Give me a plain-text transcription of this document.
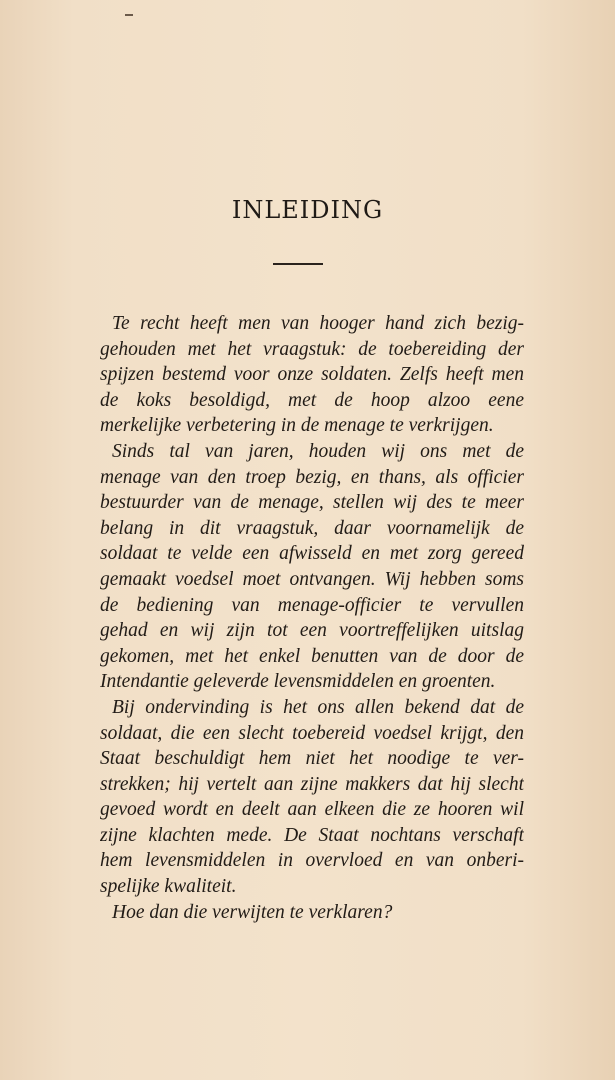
INLEIDING
Te recht heeft men van hooger hand zich bezig-
gehouden met het vraagstuk: de toebereiding der
spijzen bestemd voor onze soldaten. Zelfs heeft men
de koks besoldigd, met de hoop alzoo eene
merkelijke verbetering in de menage te verkrijgen.
Sinds tal van jaren, houden wij ons met de
menage van den troep bezig, en thans, als officier
bestuurder van de menage, stellen wij des te meer
belang in dit vraagstuk, daar voornamelijk de
soldaat te velde een afwisseld en met zorg gereed
gemaakt voedsel moet ontvangen. Wij hebben soms
de bediening van menage-officier te vervullen
gehad en wij zijn tot een voortreffelijken uitslag
gekomen, met het enkel benutten van de door de
Intendantie geleverde levensmiddelen en groenten.
Bij ondervinding is het ons allen bekend dat de
soldaat, die een slecht toebereid voedsel krijgt, den
Staat beschuldigt hem niet het noodige te ver-
strekken; hij vertelt aan zijne makkers dat hij slecht
gevoed wordt en deelt aan elkeen die ze hooren wil
zijne klachten mede. De Staat nochtans verschaft
hem levensmiddelen in overvloed en van onberi-
spelijke kwaliteit.
Hoe dan die verwijten te verklaren?
